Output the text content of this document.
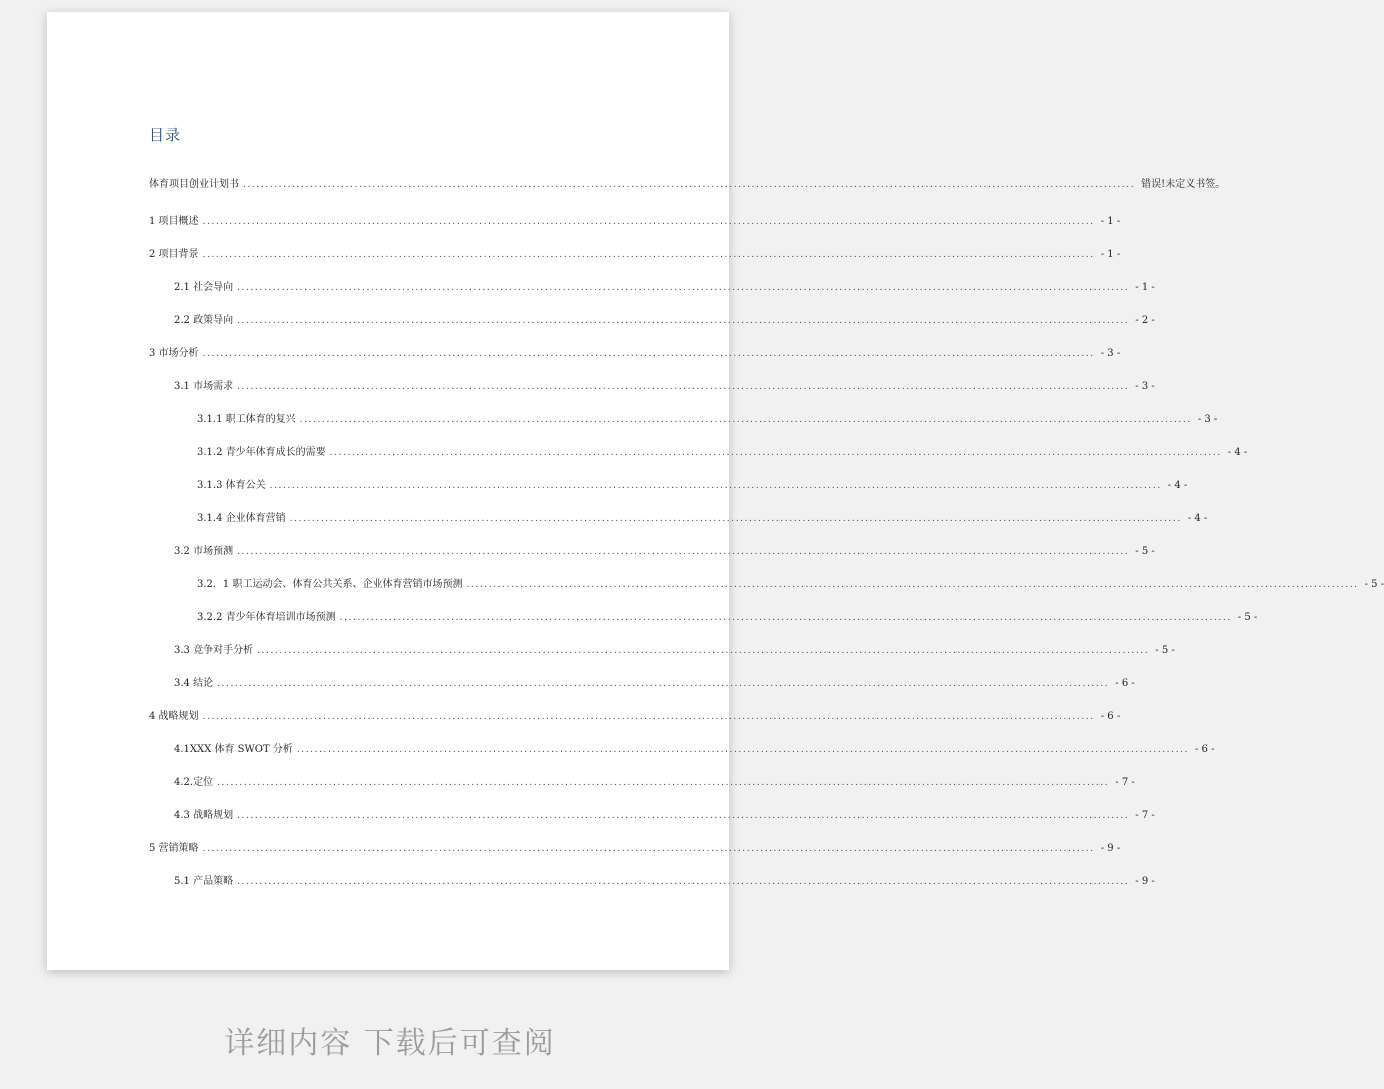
目录
体育项目创业计划书 ........................................................................................................................................................................................................ 错误!未定义书签。
1 项目概述 ........................................................................................................................................................................................................ - 1 -
2 项目背景 ........................................................................................................................................................................................................ - 1 -
2.1 社会导向 ........................................................................................................................................................................................................ - 1 -
2.2 政策导向 ........................................................................................................................................................................................................ - 2 -
3 市场分析 ........................................................................................................................................................................................................ - 3 -
3.1 市场需求 ........................................................................................................................................................................................................ - 3 -
3.1.1 职工体育的复兴 ........................................................................................................................................................................................................ - 3 -
3.1.2 青少年体育成长的需要 ........................................................................................................................................................................................................ - 4 -
3.1.3 体育公关 ........................................................................................................................................................................................................ - 4 -
3.1.4 企业体育营销 ........................................................................................................................................................................................................ - 4 -
3.2 市场预测 ........................................................................................................................................................................................................ - 5 -
3.2．1 职工运动会、体育公共关系、企业体育营销市场预测 ........................................................................................................................................................................................................ - 5 -
3.2.2 青少年体育培训市场预测 ........................................................................................................................................................................................................ - 5 -
3.3 竞争对手分析 ........................................................................................................................................................................................................ - 5 -
3.4 结论 ........................................................................................................................................................................................................ - 6 -
4 战略规划 ........................................................................................................................................................................................................ - 6 -
4.1XXX 体育 SWOT 分析 ........................................................................................................................................................................................................ - 6 -
4.2.定位 ........................................................................................................................................................................................................ - 7 -
4.3 战略规划 ........................................................................................................................................................................................................ - 7 -
5 营销策略 ........................................................................................................................................................................................................ - 9 -
5.1 产品策略 ........................................................................................................................................................................................................ - 9 -
详细内容 下载后可查阅
